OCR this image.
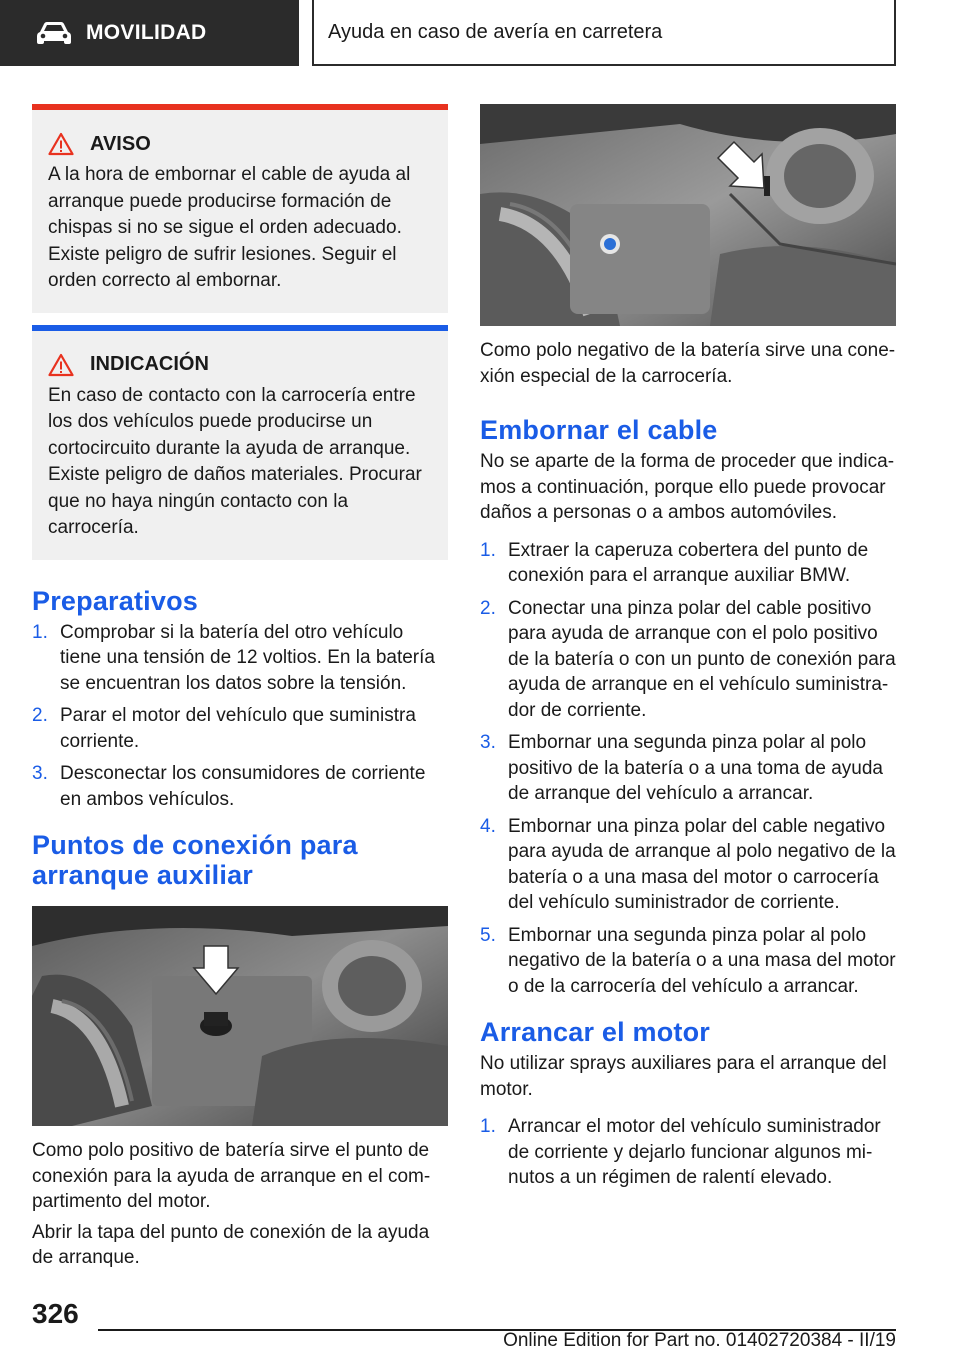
MOVILIDAD	Ayuda en caso de avería en carretera
AVISO

A la hora de embornar el cable de ayuda al arranque puede producirse formación de chispas si no se sigue el orden adecuado. Existe peligro de sufrir lesiones. Seguir el orden correcto al embornar.

INDICACIÓN

En caso de contacto con la carrocería entre los dos vehículos puede producirse un cortocircuito durante la ayuda de arranque. Existe peligro de daños materiales. Procurar que no haya ningún contacto con la carrocería.

Preparativos
1. Comprobar si la batería del otro vehículo tiene una tensión de 12 voltios. En la batería se encuentran los datos sobre la tensión.
2. Parar el motor del vehículo que suministra corriente.
3. Desconectar los consumidores de corriente en ambos vehículos.
Puntos de conexión para
arranque auxiliar

Como polo positivo de batería sirve el punto de conexión para la ayuda de arranque en el compartimento del motor.

Abrir la tapa del punto de conexión de la ayuda de arranque.

Como polo negativo de la batería sirve una conexión especial de la carrocería.

Embornar el cable

No se aparte de la forma de proceder que indicamos a continuación, porque ello puede provocar daños a personas o a ambos automóviles.

1. Extraer la caperuza cobertera del punto de conexión para el arranque auxiliar BMW.
2. Conectar una pinza polar del cable positivo para ayuda de arranque con el polo positivo de la batería o con un punto de conexión para ayuda de arranque en el vehículo suministrador de corriente.
3. Embornar una segunda pinza polar al polo positivo de la batería o a una toma de ayuda de arranque del vehículo a arrancar.
4. Embornar una pinza polar del cable negativo para ayuda de arranque al polo negativo de la batería o a una masa del motor o carrocería del vehículo suministrador de corriente.
5. Embornar una segunda pinza polar al polo negativo de la batería o a una masa del motor o de la carrocería del vehículo a arrancar.
Arrancar el motor

No utilizar sprays auxiliares para el arranque del motor.

1. Arrancar el motor del vehículo suministrador de corriente y dejarlo funcionar algunos minutos a un régimen de ralentí elevado.
326
Online Edition for Part no. 01402720384 - II/19
